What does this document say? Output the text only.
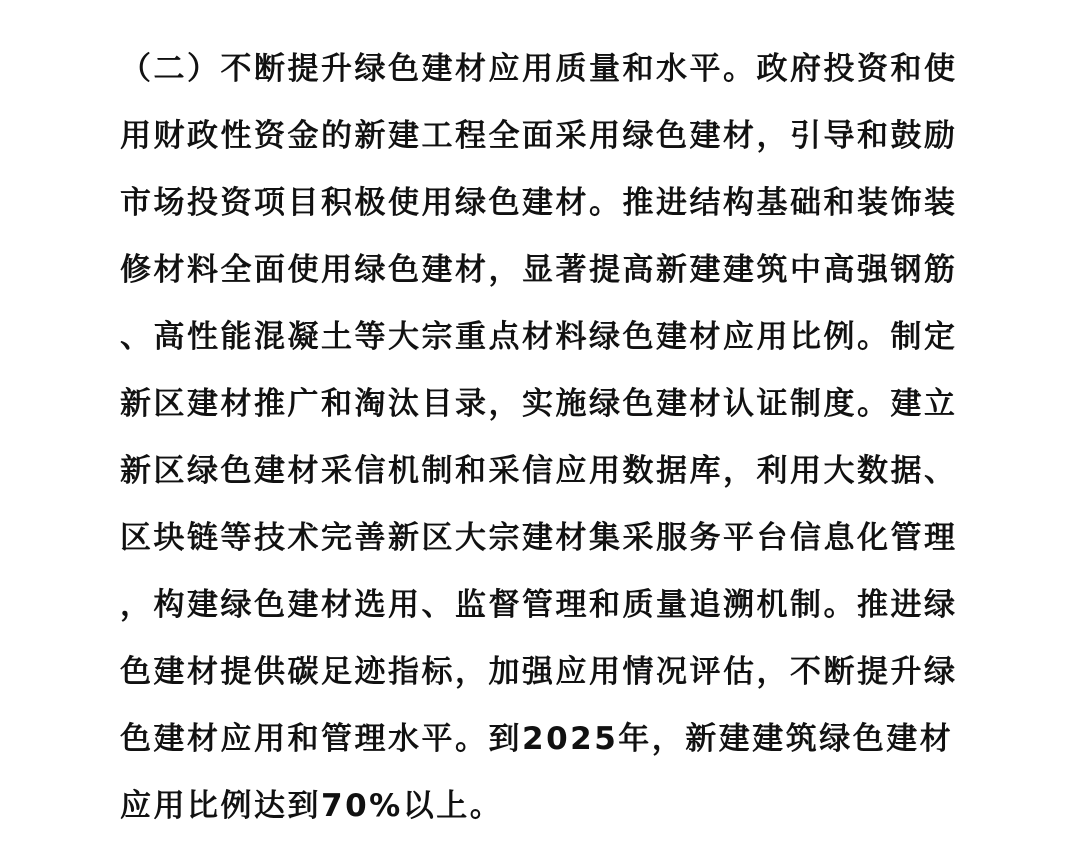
（二）不断提升绿色建材应用质量和水平。政府投资和使
用财政性资金的新建工程全面采用绿色建材，引导和鼓励
市场投资项目积极使用绿色建材。推进结构基础和装饰装
修材料全面使用绿色建材，显著提高新建建筑中高强钢筋
、高性能混凝土等大宗重点材料绿色建材应用比例。制定
新区建材推广和淘汰目录，实施绿色建材认证制度。建立
新区绿色建材采信机制和采信应用数据库，利用大数据、
区块链等技术完善新区大宗建材集采服务平台信息化管理
，构建绿色建材选用、监督管理和质量追溯机制。推进绿
色建材提供碳足迹指标，加强应用情况评估，不断提升绿
色建材应用和管理水平。到2025年，新建建筑绿色建材
应用比例达到70%以上。
